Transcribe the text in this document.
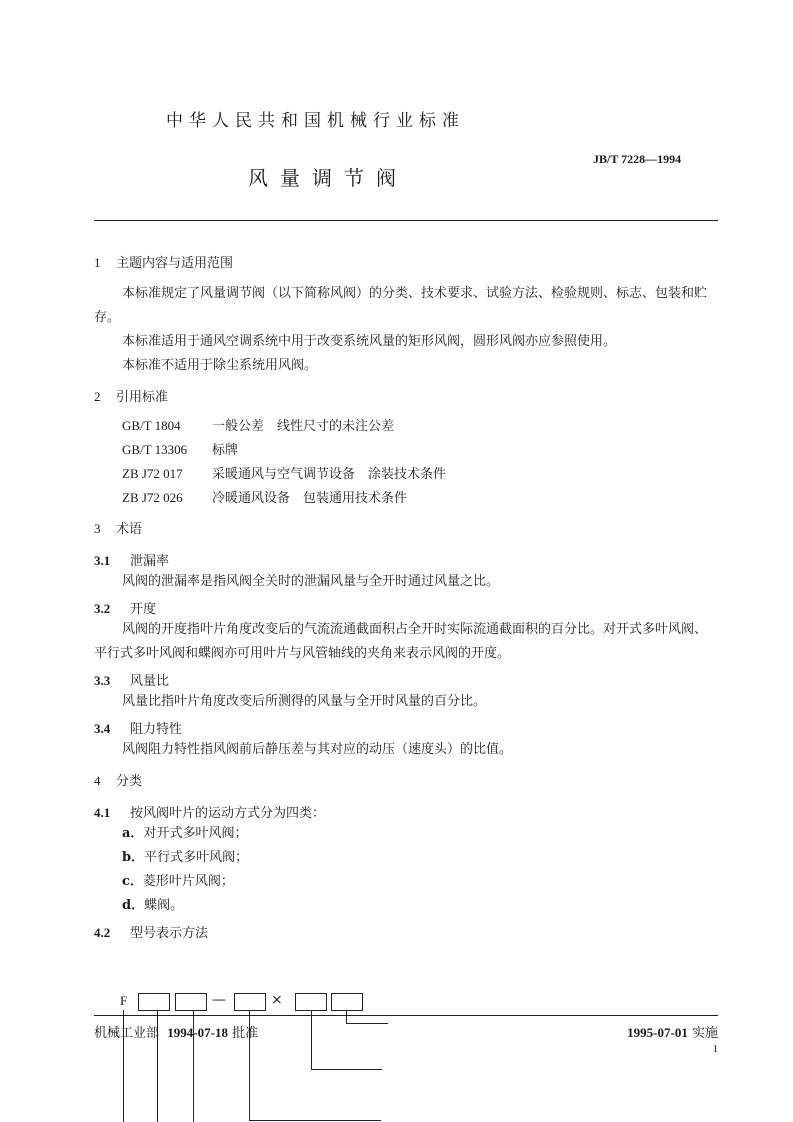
中华人民共和国机械行业标准
风量调节阀
JB/T 7228—1994
1 主题内容与适用范围
本标准规定了风量调节阀（以下简称风阀）的分类、技术要求、试验方法、检验规则、标志、包装和贮存。
本标准适用于通风空调系统中用于改变系统风量的矩形风阀，圆形风阀亦应参照使用。
本标准不适用于除尘系统用风阀。
2 引用标准
GB/T 1804 一般公差　线性尺寸的未注公差
GB/T 13306 标牌
ZB J72 017 采暖通风与空气调节设备　涂装技术条件
ZB J72 026 冷暖通风设备　包装通用技术条件
3 术语
3.1 泄漏率
风阀的泄漏率是指风阀全关时的泄漏风量与全开时通过风量之比。
3.2 开度
风阀的开度指叶片角度改变后的气流流通截面积占全开时实际流通截面积的百分比。对开式多叶风阀、平行式多叶风阀和蝶阀亦可用叶片与风管轴线的夹角来表示风阀的开度。
3.3 风量比
风量比指叶片角度改变后所测得的风量与全开时风量的百分比。
3.4 阻力特性
风阀阻力特性指风阀前后静压差与其对应的动压（速度头）的比值。
4 分类
4.1 按风阀叶片的运动方式分为四类：
a．对开式多叶风阀；
b．平行式多叶风阀；
c．菱形叶片风阀；
d．蝶阀。
4.2 型号表示方法
F	—	×
机械工业部 1994-07-18 批准	1995-07-01 实施
1
